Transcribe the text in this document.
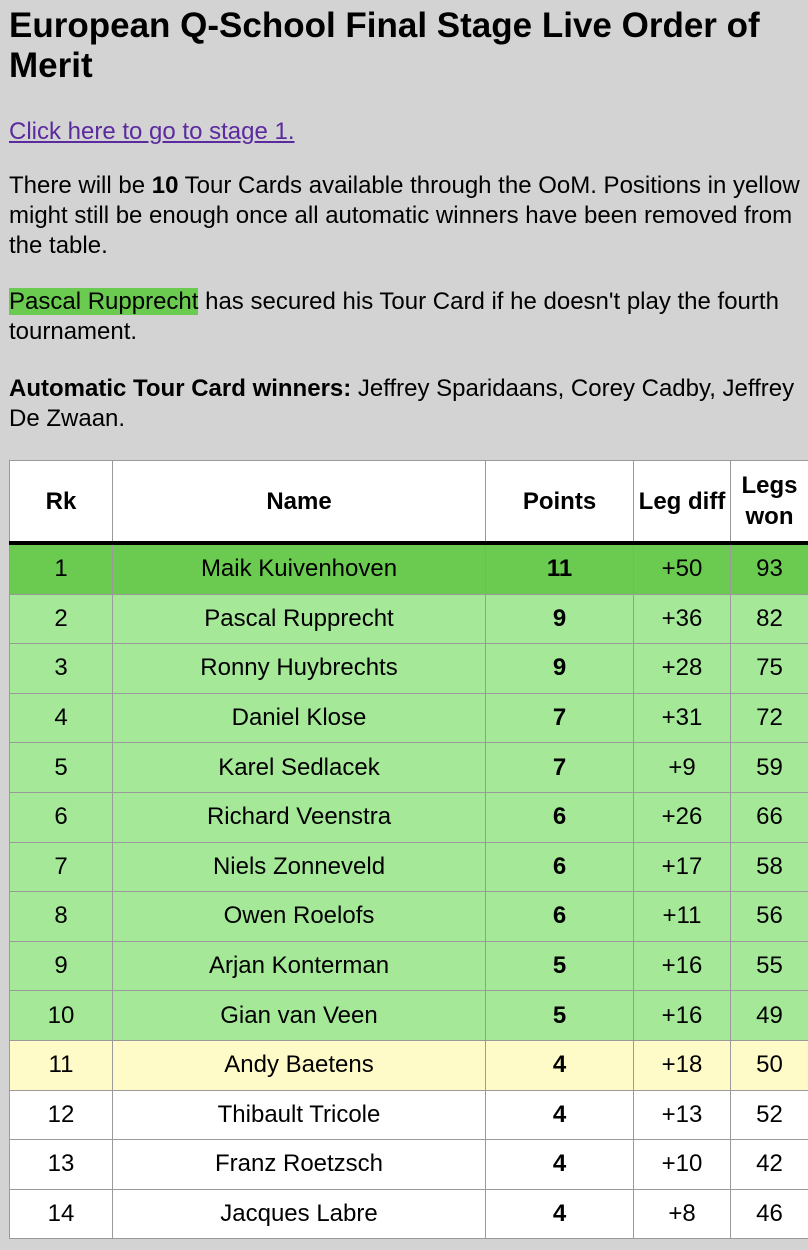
European Q-School Final Stage Live Order of Merit
Click here to go to stage 1.

There will be 10 Tour Cards available through the OoM. Positions in yellow might still be enough once all automatic winners have been removed from the table.

Pascal Rupprecht has secured his Tour Card if he doesn't play the fourth tournament.

Automatic Tour Card winners: Jeffrey Sparidaans, Corey Cadby, Jeffrey De Zwaan.

Rk	Name	Points	Leg diff	Legs won
1	Maik Kuivenhoven	11	+50	93
2	Pascal Rupprecht	9	+36	82
3	Ronny Huybrechts	9	+28	75
4	Daniel Klose	7	+31	72
5	Karel Sedlacek	7	+9	59
6	Richard Veenstra	6	+26	66
7	Niels Zonneveld	6	+17	58
8	Owen Roelofs	6	+11	56
9	Arjan Konterman	5	+16	55
10	Gian van Veen	5	+16	49
11	Andy Baetens	4	+18	50
12	Thibault Tricole	4	+13	52
13	Franz Roetzsch	4	+10	42
14	Jacques Labre	4	+8	46
